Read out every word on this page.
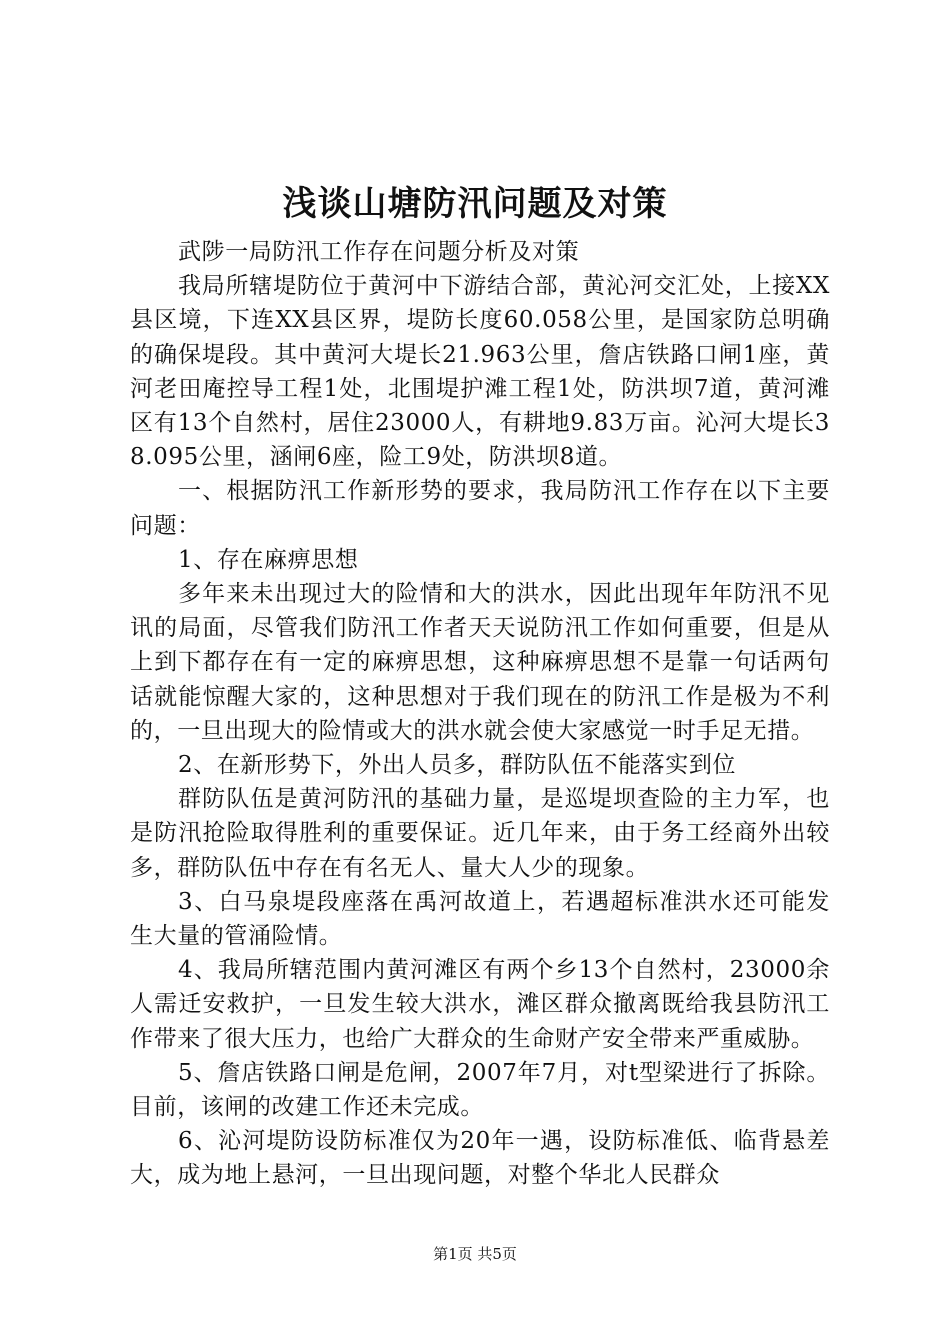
浅谈山塘防汛问题及对策

武陟一局防汛工作存在问题分析及对策

我局所辖堤防位于黄河中下游结合部，黄沁河交汇处，上接XX县区境，下连XX县区界，堤防长度60.058公里，是国家防总明确的确保堤段。其中黄河大堤长21.963公里，詹店铁路口闸1座，黄河老田庵控导工程1处，北围堤护滩工程1处，防洪坝7道，黄河滩区有13个自然村，居住23000人，有耕地9.83万亩。沁河大堤长38.095公里，涵闸6座，险工9处，防洪坝8道。

一、根据防汛工作新形势的要求，我局防汛工作存在以下主要问题：

1、存在麻痹思想

多年来未出现过大的险情和大的洪水，因此出现年年防汛不见讯的局面，尽管我们防汛工作者天天说防汛工作如何重要，但是从上到下都存在有一定的麻痹思想，这种麻痹思想不是靠一句话两句话就能惊醒大家的，这种思想对于我们现在的防汛工作是极为不利的，一旦出现大的险情或大的洪水就会使大家感觉一时手足无措。

2、在新形势下，外出人员多，群防队伍不能落实到位

群防队伍是黄河防汛的基础力量，是巡堤坝查险的主力军，也是防汛抢险取得胜利的重要保证。近几年来，由于务工经商外出较多，群防队伍中存在有名无人、量大人少的现象。

3、白马泉堤段座落在禹河故道上，若遇超标准洪水还可能发生大量的管涌险情。

4、我局所辖范围内黄河滩区有两个乡13个自然村，23000余人需迁安救护，一旦发生较大洪水，滩区群众撤离既给我县防汛工作带来了很大压力，也给广大群众的生命财产安全带来严重威胁。

5、詹店铁路口闸是危闸，2007年7月，对t型梁进行了拆除。目前，该闸的改建工作还未完成。

6、沁河堤防设防标准仅为20年一遇，设防标准低、临背悬差大，成为地上悬河，一旦出现问题，对整个华北人民群众

第1页 共5页
